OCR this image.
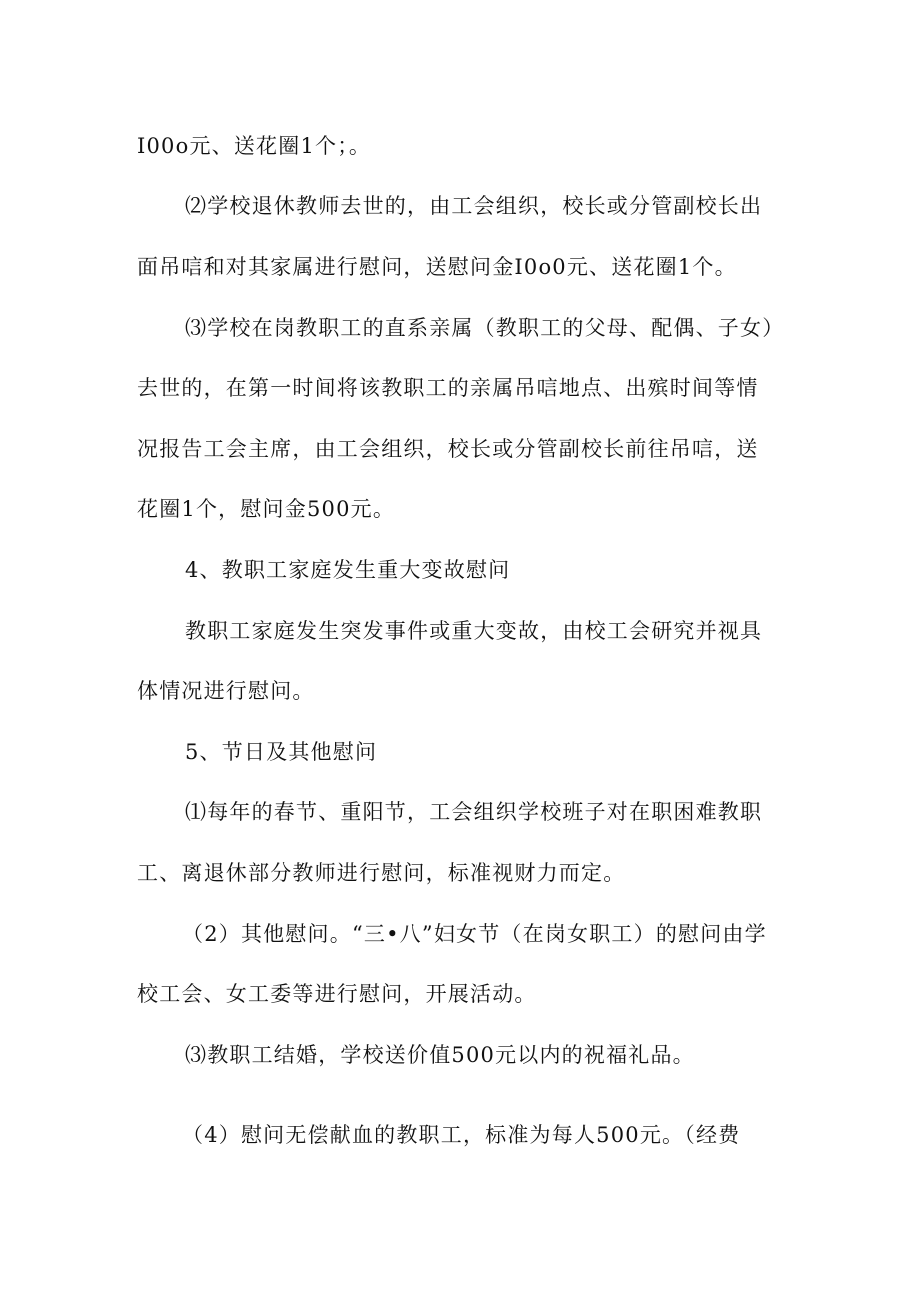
I00o元、送花圈1个；。
⑵学校退休教师去世的，由工会组织，校长或分管副校长出
面吊唁和对其家属进行慰问，送慰问金I0o0元、送花圈1个。
⑶学校在岗教职工的直系亲属（教职工的父母、配偶、子女）
去世的，在第一时间将该教职工的亲属吊唁地点、出殡时间等情
况报告工会主席，由工会组织，校长或分管副校长前往吊唁，送
花圈1个，慰问金500元。
4、教职工家庭发生重大变故慰问
教职工家庭发生突发事件或重大变故，由校工会研究并视具
体情况进行慰问。
5、节日及其他慰问
⑴每年的春节、重阳节，工会组织学校班子对在职困难教职
工、离退休部分教师进行慰问，标准视财力而定。
（2）其他慰问。“三•八”妇女节（在岗女职工）的慰问由学
校工会、女工委等进行慰问，开展活动。
⑶教职工结婚，学校送价值500元以内的祝福礼品。
（4）慰问无偿献血的教职工，标准为每人500元。（经费
